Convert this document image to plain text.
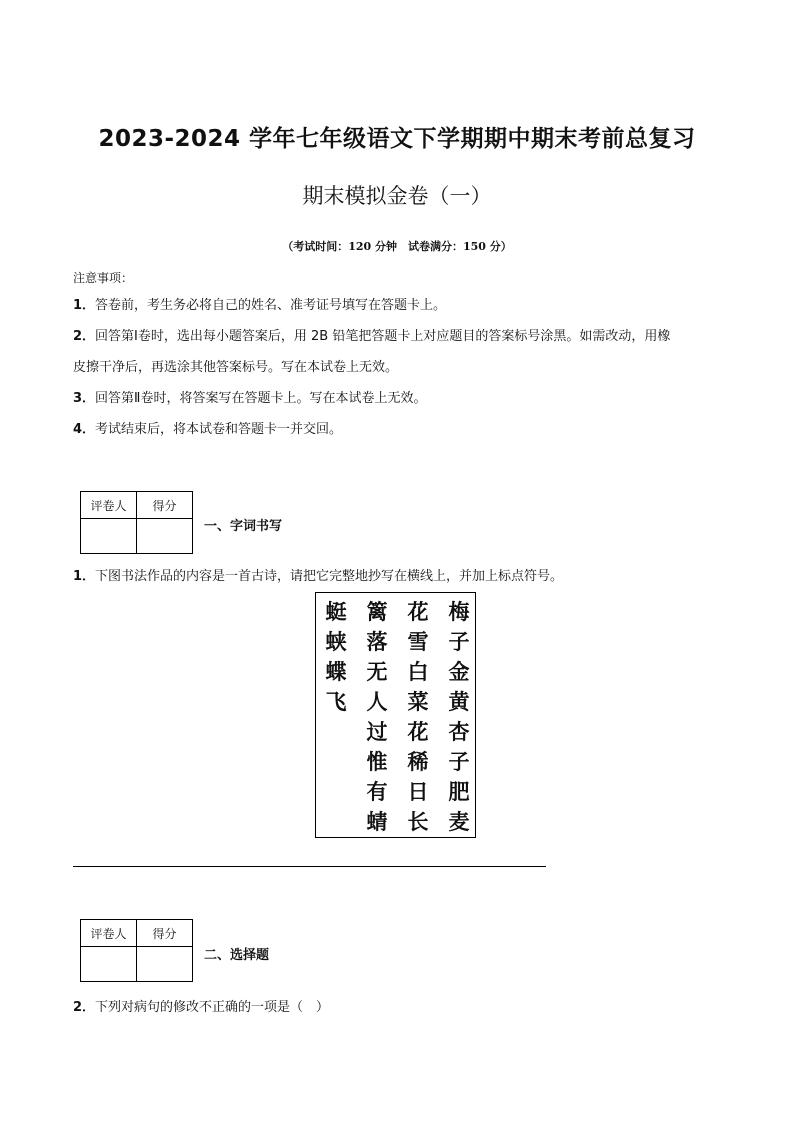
2023-2024 学年七年级语文下学期期中期末考前总复习
期末模拟金卷（一）
（考试时间：120 分钟　试卷满分：150 分）
注意事项：
1．答卷前，考生务必将自己的姓名、准考证号填写在答题卡上。
2．回答第Ⅰ卷时，选出每小题答案后，用 2B 铅笔把答题卡上对应题目的答案标号涂黑。如需改动，用橡
皮擦干净后，再选涂其他答案标号。写在本试卷上无效。
3．回答第Ⅱ卷时，将答案写在答题卡上。写在本试卷上无效。
4．考试结束后，将本试卷和答题卡一并交回。
评卷人	得分

一、字词书写
1．下图书法作品的内容是一首古诗，请把它完整地抄写在横线上，并加上标点符号。
梅
子
金
黄
杏
子
肥
麦
花
雪
白
菜
花
稀
日
长
篱
落
无
人
过
惟
有
蜻
蜓
蛱
蝶
飞
评卷人	得分

二、选择题
2．下列对病句的修改不正确的一项是（　）
